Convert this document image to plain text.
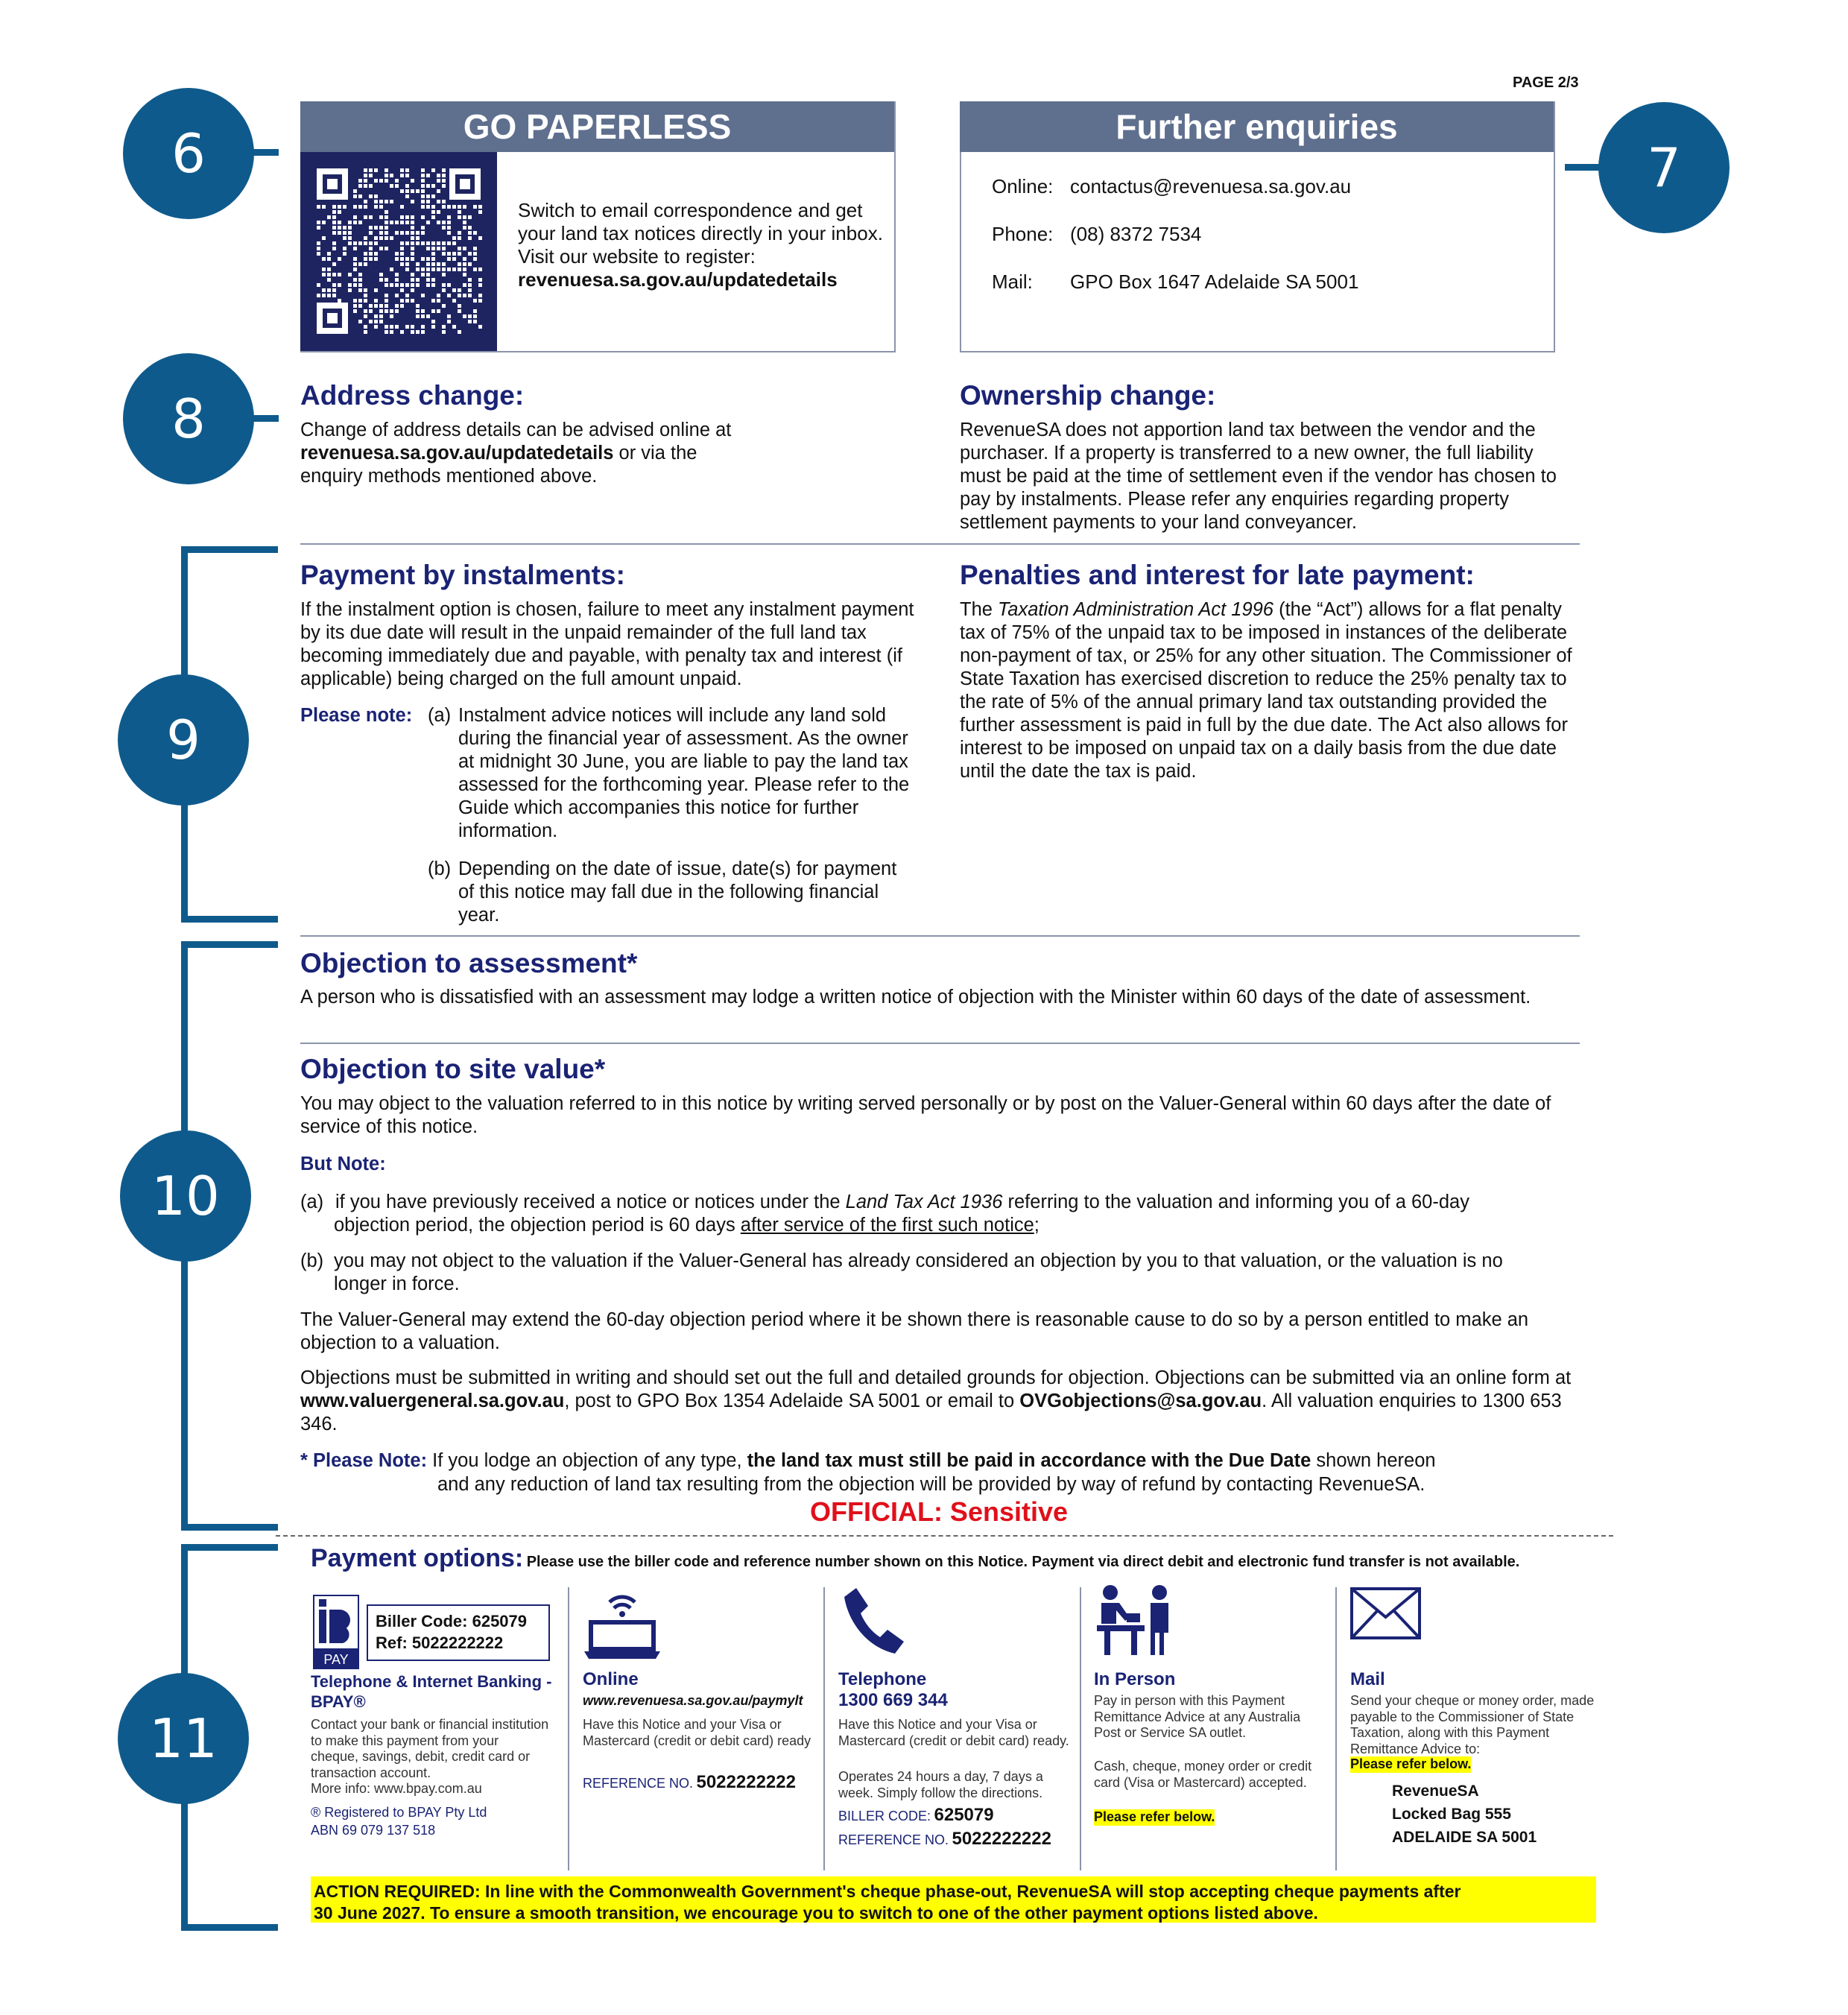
PAGE 2/3
6	7
8
9
10
11
GO PAPERLESS
Switch to email correspondence and get your land tax notices directly in your inbox. Visit our website to register:
revenuesa.sa.gov.au/updatedetails
Further enquiries
Online: contactus@revenuesa.sa.gov.au
Phone: (08) 8372 7534
Mail: GPO Box 1647 Adelaide SA 5001
Address change:
Change of address details can be advised online at
revenuesa.sa.gov.au/updatedetails or via the
enquiry methods mentioned above.
Ownership change:
RevenueSA does not apportion land tax between the vendor and the purchaser. If a property is transferred to a new owner, the full liability must be paid at the time of settlement even if the vendor has chosen to pay by instalments. Please refer any enquiries regarding property settlement payments to your land conveyancer.
Payment by instalments:
If the instalment option is chosen, failure to meet any instalment payment by its due date will result in the unpaid remainder of the full land tax becoming immediately due and payable, with penalty tax and interest (if applicable) being charged on the full amount unpaid.
Please note: (a) Instalment advice notices will include any land sold during the financial year of assessment. As the owner at midnight 30 June, you are liable to pay the land tax assessed for the forthcoming year. Please refer to the Guide which accompanies this notice for further information.
(b) Depending on the date of issue, date(s) for payment of this notice may fall due in the following financial year.
Penalties and interest for late payment:
The Taxation Administration Act 1996 (the “Act”) allows for a flat penalty tax of 75% of the unpaid tax to be imposed in instances of the deliberate non-payment of tax, or 25% for any other situation. The Commissioner of State Taxation has exercised discretion to reduce the 25% penalty tax to the rate of 5% of the annual primary land tax outstanding provided the further assessment is paid in full by the due date. The Act also allows for interest to be imposed on unpaid tax on a daily basis from the due date until the date the tax is paid.
Objection to assessment*
A person who is dissatisfied with an assessment may lodge a written notice of objection with the Minister within 60 days of the date of assessment.
Objection to site value*
You may object to the valuation referred to in this notice by writing served personally or by post on the Valuer-General within 60 days after the date of service of this notice.
But Note:
(a) if you have previously received a notice or notices under the Land Tax Act 1936 referring to the valuation and informing you of a 60-day objection period, the objection period is 60 days after service of the first such notice;
(b) you may not object to the valuation if the Valuer-General has already considered an objection by you to that valuation, or the valuation is no longer in force.
The Valuer-General may extend the 60-day objection period where it be shown there is reasonable cause to do so by a person entitled to make an objection to a valuation.
Objections must be submitted in writing and should set out the full and detailed grounds for objection. Objections can be submitted via an online form at www.valuergeneral.sa.gov.au, post to GPO Box 1354 Adelaide SA 5001 or email to OVGobjections@sa.gov.au. All valuation enquiries to 1300 653 346.
* Please Note: If you lodge an objection of any type, the land tax must still be paid in accordance with the Due Date shown hereon
and any reduction of land tax resulting from the objection will be provided by way of refund by contacting RevenueSA.
OFFICIAL: Sensitive
Payment options: Please use the biller code and reference number shown on this Notice. Payment via direct debit and electronic fund transfer is not available.
PAY
Biller Code: 625079
Ref: 5022222222
Telephone & Internet Banking - BPAY®
Contact your bank or financial institution to make this payment from your cheque, savings, debit, credit card or transaction account.
More info: www.bpay.com.au
® Registered to BPAY Pty Ltd
ABN 69 079 137 518
Online
www.revenuesa.sa.gov.au/paymylt
Have this Notice and your Visa or Mastercard (credit or debit card) ready
REFERENCE NO. 5022222222
Telephone
1300 669 344
Have this Notice and your Visa or Mastercard (credit or debit card) ready.
Operates 24 hours a day, 7 days a week. Simply follow the directions.
BILLER CODE: 625079
REFERENCE NO. 5022222222
In Person
Pay in person with this Payment Remittance Advice at any Australia Post or Service SA outlet.
Cash, cheque, money order or credit card (Visa or Mastercard) accepted.
Please refer below.
Mail
Send your cheque or money order, made payable to the Commissioner of State Taxation, along with this Payment Remittance Advice to:
Please refer below.
RevenueSA
Locked Bag 555
ADELAIDE SA 5001
ACTION REQUIRED: In line with the Commonwealth Government's cheque phase-out, RevenueSA will stop accepting cheque payments after
30 June 2027. To ensure a smooth transition, we encourage you to switch to one of the other payment options listed above.
